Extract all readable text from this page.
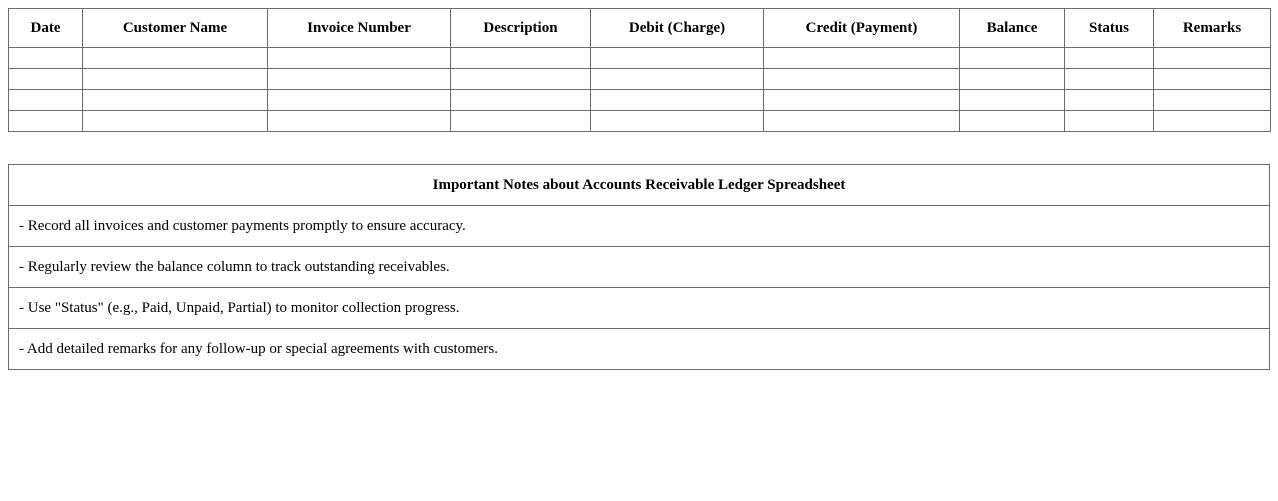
Date	Customer Name	Invoice Number	Description	Debit (Charge)	Credit (Payment)	Balance	Status	Remarks

Important Notes about Accounts Receivable Ledger Spreadsheet
- Record all invoices and customer payments promptly to ensure accuracy.
- Regularly review the balance column to track outstanding receivables.
- Use "Status" (e.g., Paid, Unpaid, Partial) to monitor collection progress.
- Add detailed remarks for any follow-up or special agreements with customers.
